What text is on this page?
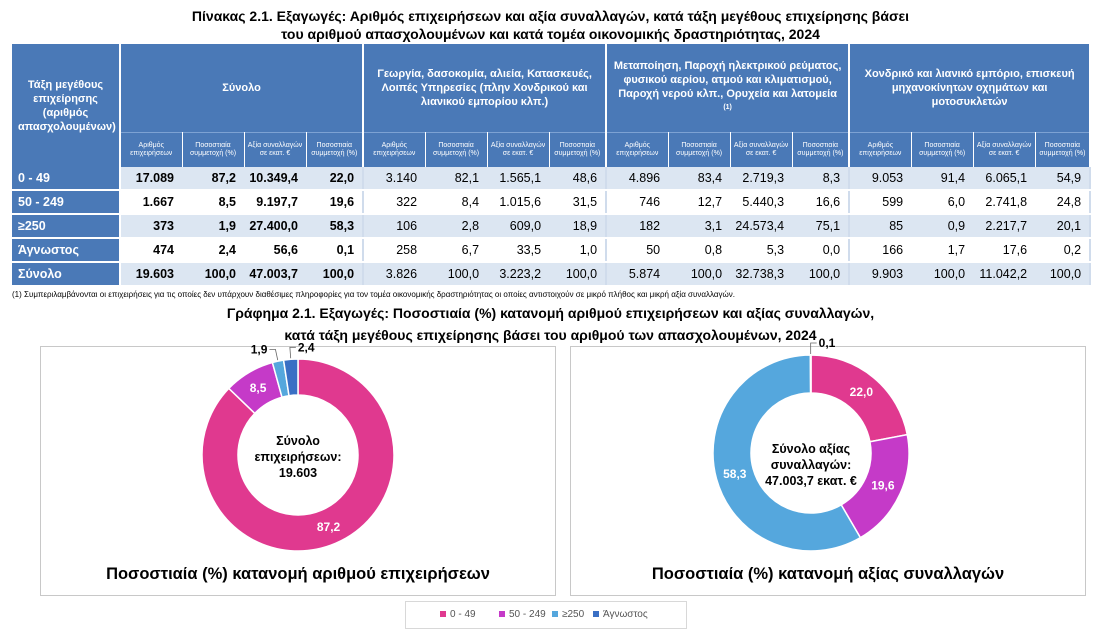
Πίνακας 2.1. Εξαγωγές: Αριθμός επιχειρήσεων και αξία συναλλαγών, κατά τάξη μεγέθους επιχείρησης βάσει
του αριθμού απασχολουμένων και κατά τομέα οικονομικής δραστηριότητας, 2024
Τάξη μεγέθους επιχείρησης (αριθμός απασχολουμένων)	Σύνολο				Γεωργία, δασοκομία, αλιεία, Κατασκευές, Λοιπές Υπηρεσίες (πλην Χονδρικού και λιανικού εμπορίου κλπ.)				Μεταποίηση, Παροχή ηλεκτρικού ρεύματος, φυσικού αερίου, ατμού και κλιματισμού, Παροχή νερού κλπ., Ορυχεία και λατομεία $^{(1)}$				Χονδρικό και λιανικό εμπόριο, επισκευή μηχανοκίνητων οχημάτων και μοτοσυκλετών			
	Αριθμός επιχειρήσεων	Ποσοστιαία συμμετοχή (%)	Αξία συναλλαγών σε εκατ. €	Ποσοστιαία συμμετοχή (%)	Αριθμός επιχειρήσεων	Ποσοστιαία συμμετοχή (%)	Αξία συναλλαγών σε εκατ. €	Ποσοστιαία συμμετοχή (%)	Αριθμός επιχειρήσεων	Ποσοστιαία συμμετοχή (%)	Αξία συναλλαγών σε εκατ. €	Ποσοστιαία συμμετοχή (%)	Αριθμός επιχειρήσεων	Ποσοστιαία συμμετοχή (%)	Αξία συναλλαγών σε εκατ. €	Ποσοστιαία συμμετοχή (%)
0 - 49	17.089	87,2	10.349,4	22,0	3.140	82,1	1.565,1	48,6	4.896	83,4	2.719,3	8,3	9.053	91,4	6.065,1	54,9
50 - 249	1.667	8,5	9.197,7	19,6	322	8,4	1.015,6	31,5	746	12,7	5.440,3	16,6	599	6,0	2.741,8	24,8
≥250	373	1,9	27.400,0	58,3	106	2,8	609,0	18,9	182	3,1	24.573,4	75,1	85	0,9	2.217,7	20,1
Άγνωστος	474	2,4	56,6	0,1	258	6,7	33,5	1,0	50	0,8	5,3	0,0	166	1,7	17,6	0,2
Σύνολο	19.603	100,0	47.003,7	100,0	3.826	100,0	3.223,2	100,0	5.874	100,0	32.738,3	100,0	9.903	100,0	11.042,2	100,0
(1) Συμπεριλαμβάνονται οι επιχειρήσεις για τις οποίες δεν υπάρχουν διαθέσιμες πληροφορίες για τον τομέα οικονομικής δραστηριότητας οι οποίες αντιστοιχούν σε μικρό πλήθος και μικρή αξία συναλλαγών.
Γράφημα 2.1. Εξαγωγές: Ποσοστιαία (%) κατανομή αριθμού επιχειρήσεων και αξίας συναλλαγών,
κατά τάξη μεγέθους επιχείρησης βάσει του αριθμού των απασχολουμένων, 2024
87,2
8,5
1,9	2,4
Σύνολο
επιχειρήσεων:
19.603
Ποσοστιαία (%) κατανομή αριθμού επιχειρήσεων
22,0
19,6
58,3
0,1
Σύνολο αξίας
συναλλαγών:
47.003,7 εκατ. €
Ποσοστιαία (%) κατανομή αξίας συναλλαγών
0 - 49	50 - 249	≥250	Άγνωστος
